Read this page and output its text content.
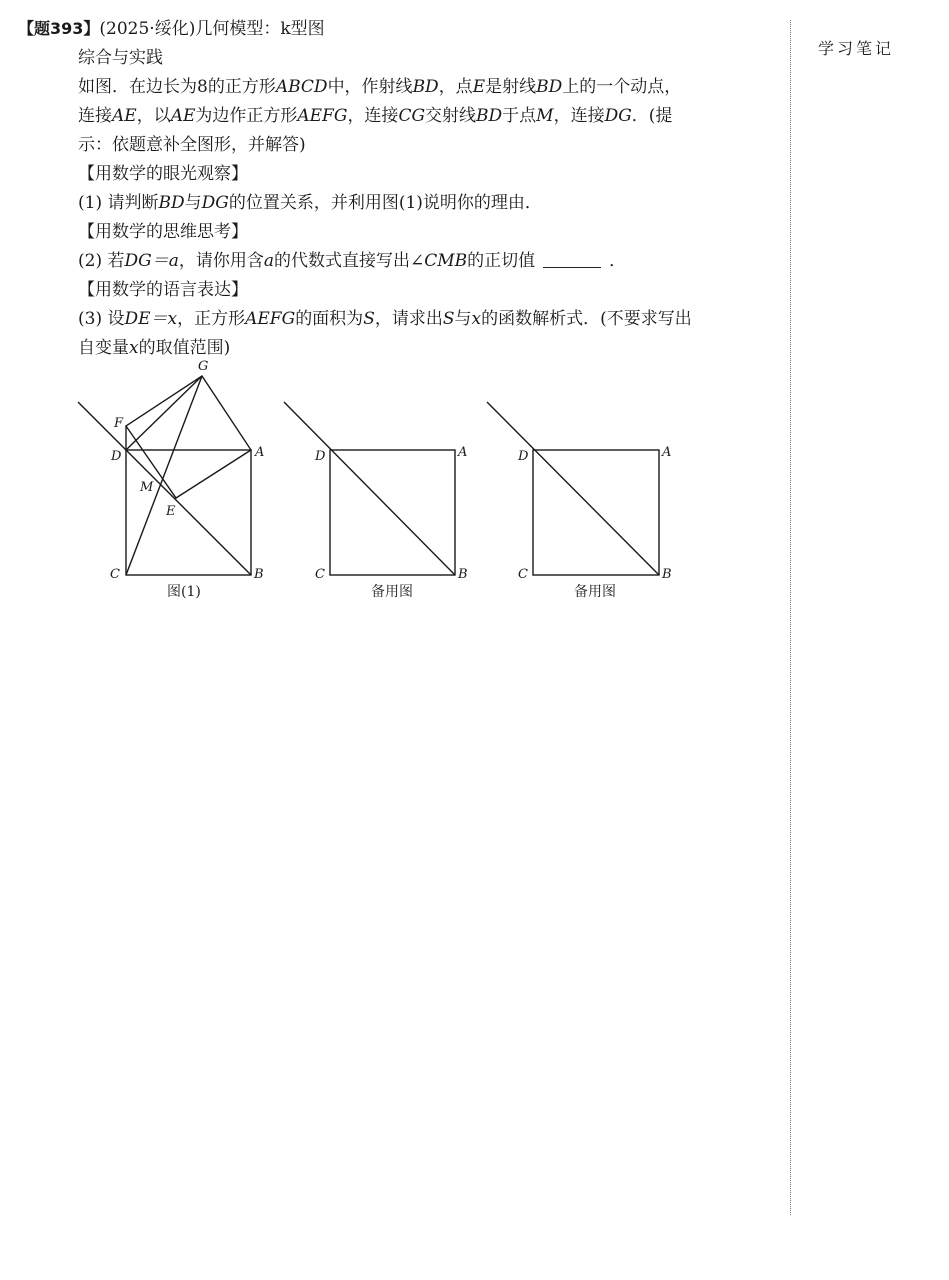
【题393】(2025·绥化)几何模型：k型图
综合与实践
如图．在边长为8的正方形ABCD中，作射线BD，点E是射线BD上的一个动点，
连接AE，以AE为边作正方形AEFG，连接CG交射线BD于点M，连接DG．(提
示：依题意补全图形，并解答)
【用数学的眼光观察】
(1) 请判断BD与DG的位置关系，并利用图(1)说明你的理由．
【用数学的思维思考】
(2) 若DG＝a，请你用含a的代数式直接写出∠CMB的正切值	．
【用数学的语言表达】
(3) 设DE＝x，正方形AEFG的面积为S，请求出S与x的函数解析式．(不要求写出
自变量x的取值范围)
G
F
D	A
M
E
C	B
图(1)
D	A
C	B
备用图
D	A
C	B
备用图
学习笔记
